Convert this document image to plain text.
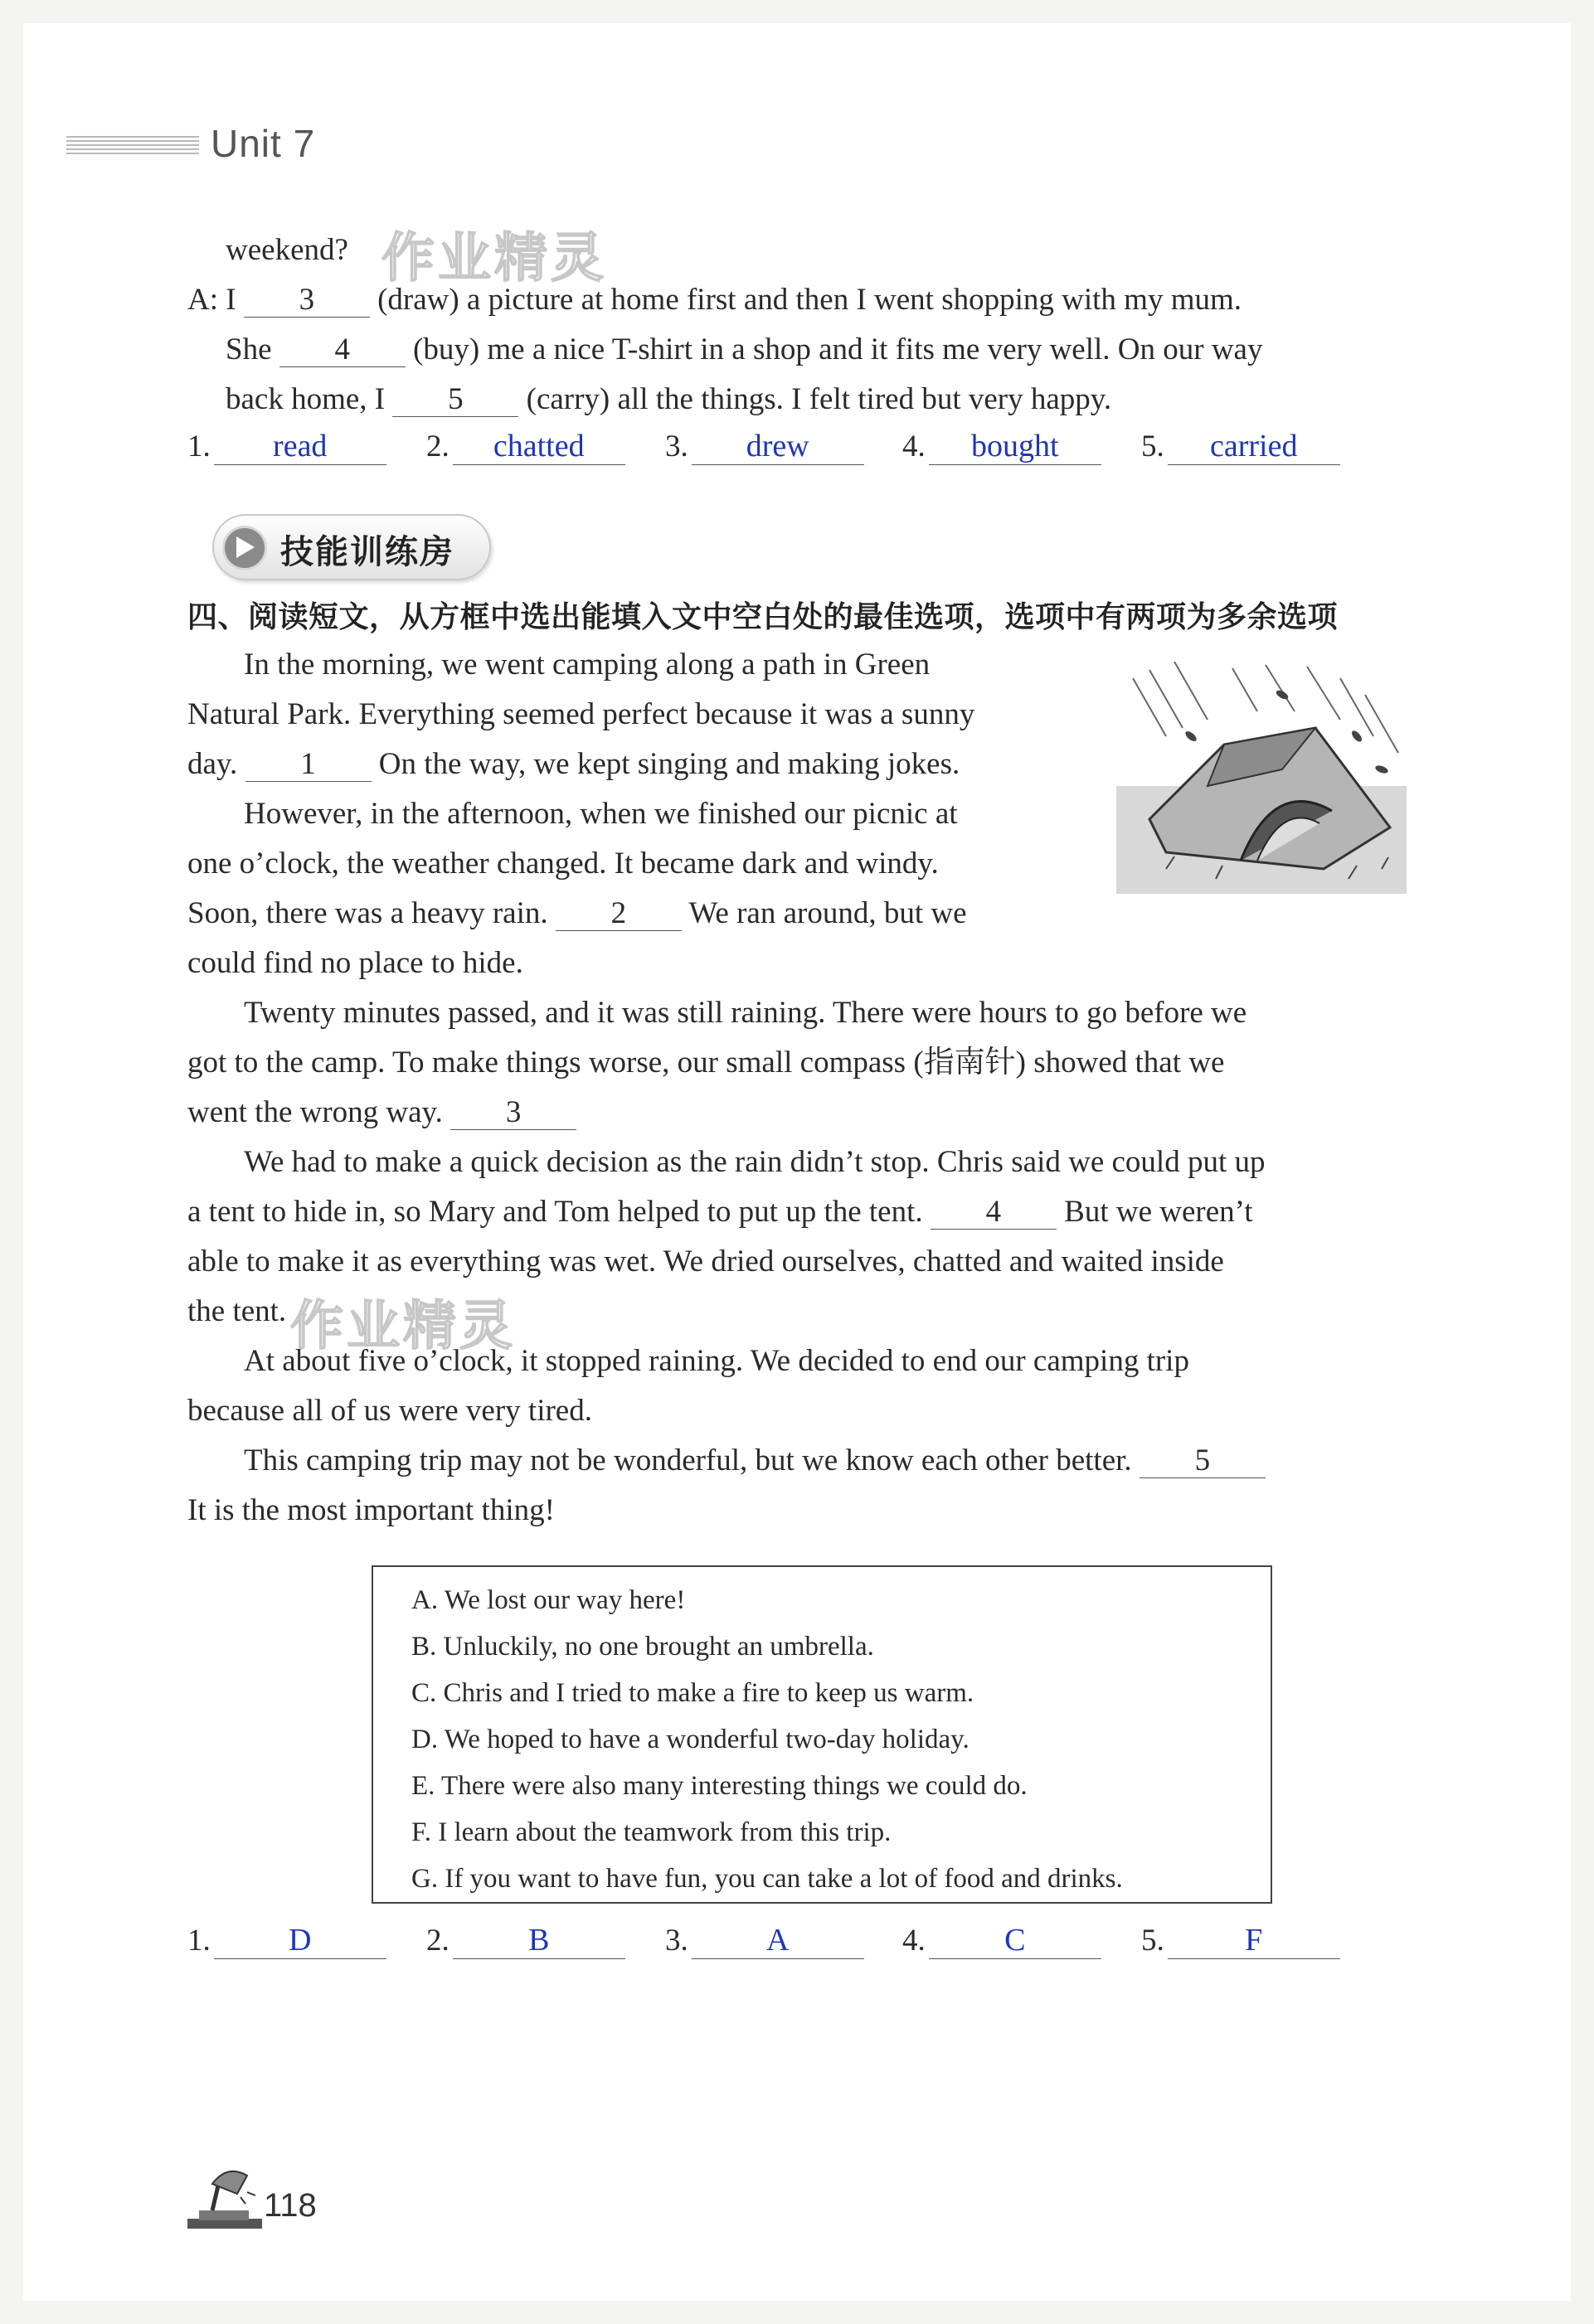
Unit 7
作业精灵
作业精灵
weekend?
A: I 3 (draw) a picture at home first and then I went shopping with my mum.
She 4 (buy) me a nice T-shirt in a shop and it fits me very well. On our way
back home, I 5 (carry) all the things. I felt tired but very happy.
1. read	2. chatted	3. drew	4. bought	5. carried
技能训练房
四、阅读短文，从方框中选出能填入文中空白处的最佳选项，选项中有两项为多余选项
In the morning, we went camping along a path in Green
Natural Park. Everything seemed perfect because it was a sunny
day. 1 On the way, we kept singing and making jokes.
However, in the afternoon, when we finished our picnic at
one o’clock, the weather changed. It became dark and windy.
Soon, there was a heavy rain. 2 We ran around, but we
could find no place to hide.
Twenty minutes passed, and it was still raining. There were hours to go before we
got to the camp. To make things worse, our small compass (指南针) showed that we
went the wrong way. 3
We had to make a quick decision as the rain didn’t stop. Chris said we could put up
a tent to hide in, so Mary and Tom helped to put up the tent. 4 But we weren’t
able to make it as everything was wet. We dried ourselves, chatted and waited inside
the tent.
At about five o’clock, it stopped raining. We decided to end our camping trip
because all of us were very tired.
This camping trip may not be wonderful, but we know each other better. 5
It is the most important thing!
A. We lost our way here!
B. Unluckily, no one brought an umbrella.
C. Chris and I tried to make a fire to keep us warm.
D. We hoped to have a wonderful two-day holiday.
E. There were also many interesting things we could do.
F. I learn about the teamwork from this trip.
G. If you want to have fun, you can take a lot of food and drinks.
1. D	2.	B	3. A	4.	C	5.	F
118
